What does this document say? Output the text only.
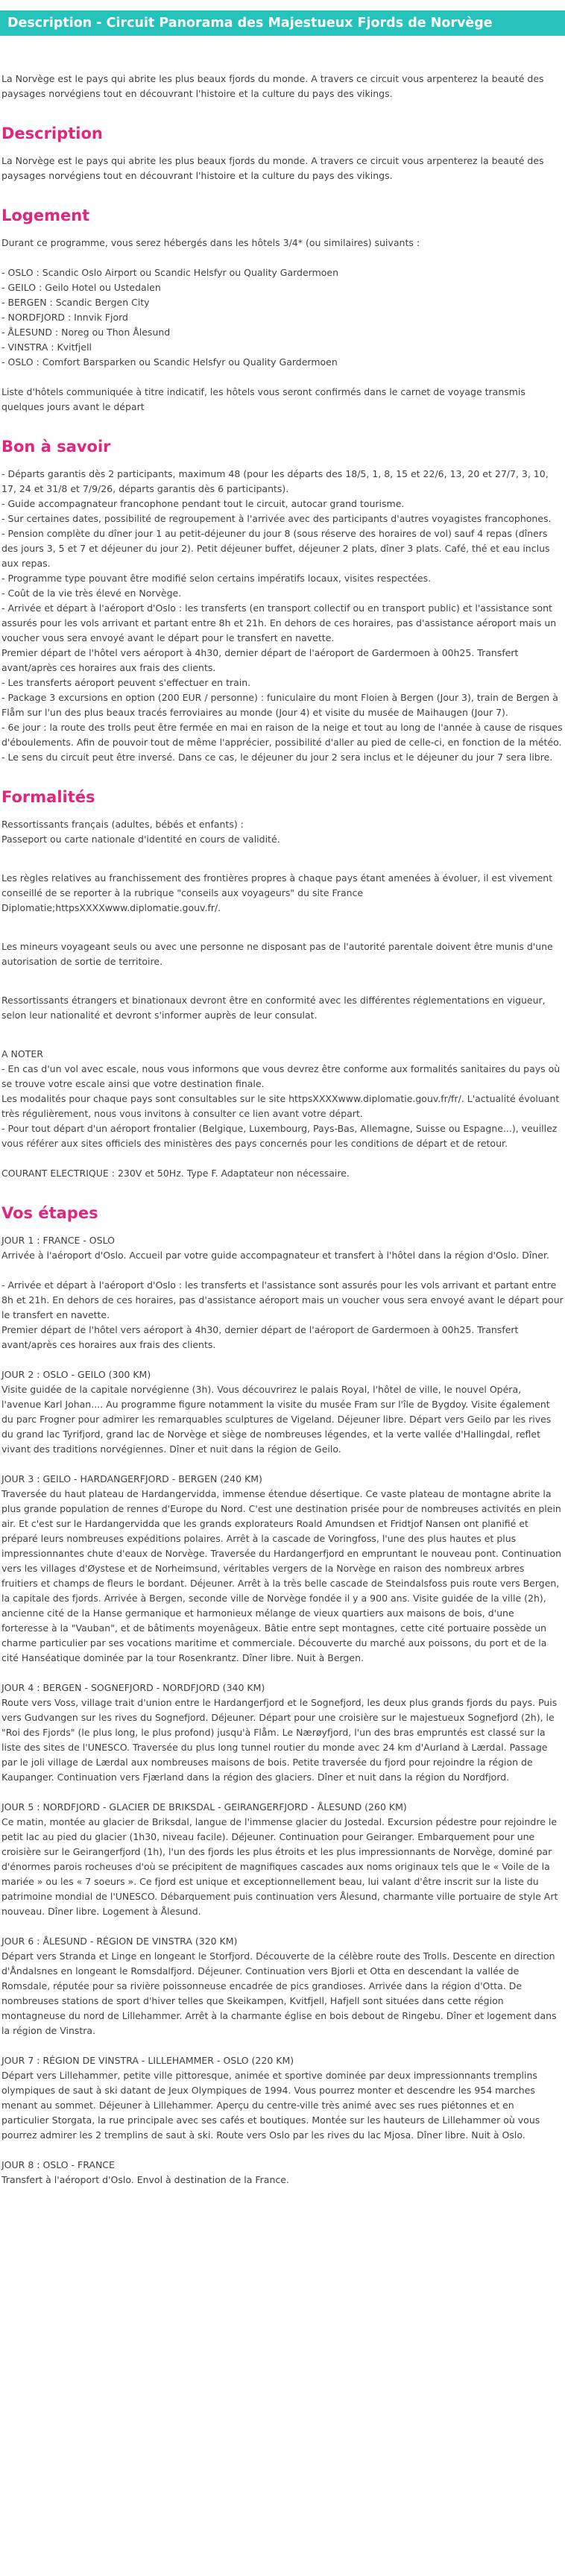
Description - Circuit Panorama des Majestueux Fjords de Norvège

La Norvège est le pays qui abrite les plus beaux fjords du monde. A travers ce circuit vous arpenterez la beauté des paysages norvégiens tout en découvrant l'histoire et la culture du pays des vikings.

Description

La Norvège est le pays qui abrite les plus beaux fjords du monde. A travers ce circuit vous arpenterez la beauté des paysages norvégiens tout en découvrant l'histoire et la culture du pays des vikings.

Logement

Durant ce programme, vous serez hébergés dans les hôtels 3/4* (ou similaires) suivants :

- OSLO : Scandic Oslo Airport ou Scandic Helsfyr ou Quality Gardermoen
- GEILO : Geilo Hotel ou Ustedalen
- BERGEN : Scandic Bergen City
- NORDFJORD : Innvik Fjord
- ÅLESUND : Noreg ou Thon Ålesund
- VINSTRA : Kvitfjell
- OSLO : Comfort Barsparken ou Scandic Helsfyr ou Quality Gardermoen

Liste d'hôtels communiquée à titre indicatif, les hôtels vous seront confirmés dans le carnet de voyage transmis quelques jours avant le départ

Bon à savoir

- Départs garantis dès 2 participants, maximum 48 (pour les départs des 18/5, 1, 8, 15 et 22/6, 13, 20 et 27/7, 3, 10, 17, 24 et 31/8 et 7/9/26, départs garantis dès 6 participants).
- Guide accompagnateur francophone pendant tout le circuit, autocar grand tourisme.
- Sur certaines dates, possibilité de regroupement à l'arrivée avec des participants d'autres voyagistes francophones.
- Pension complète du dîner jour 1 au petit-déjeuner du jour 8 (sous réserve des horaires de vol) sauf 4 repas (dîners des jours 3, 5 et 7 et déjeuner du jour 2). Petit déjeuner buffet, déjeuner 2 plats, dîner 3 plats. Café, thé et eau inclus aux repas.
- Programme type pouvant être modifié selon certains impératifs locaux, visites respectées.
- Coût de la vie très élevé en Norvège.
- Arrivée et départ à l'aéroport d'Oslo : les transferts (en transport collectif ou en transport public) et l'assistance sont assurés pour les vols arrivant et partant entre 8h et 21h. En dehors de ces horaires, pas d'assistance aéroport mais un voucher vous sera envoyé avant le départ pour le transfert en navette.
Premier départ de l'hôtel vers aéroport à 4h30, dernier départ de l'aéroport de Gardermoen à 00h25. Transfert avant/après ces horaires aux frais des clients.
- Les transferts aéroport peuvent s'effectuer en train.
- Package 3 excursions en option (200 EUR / personne) : funiculaire du mont Floien à Bergen (Jour 3), train de Bergen à Flåm sur l'un des plus beaux tracés ferroviaires au monde (Jour 4) et visite du musée de Maihaugen (Jour 7).
- 6e jour : la route des trolls peut être fermée en mai en raison de la neige et tout au long de l'année à cause de risques d'éboulements. Afin de pouvoir tout de même l'apprécier, possibilité d'aller au pied de celle-ci, en fonction de la météo.
- Le sens du circuit peut être inversé. Dans ce cas, le déjeuner du jour 2 sera inclus et le déjeuner du jour 7 sera libre.

Formalités

Ressortissants français (adultes, bébés et enfants) :
Passeport ou carte nationale d'identité en cours de validité.

Les règles relatives au franchissement des frontières propres à chaque pays étant amenées à évoluer, il est vivement conseillé de se reporter à la rubrique "conseils aux voyageurs" du site France Diplomatie;httpsXXXXwww.diplomatie.gouv.fr/.

Les mineurs voyageant seuls ou avec une personne ne disposant pas de l'autorité parentale doivent être munis d'une autorisation de sortie de territoire.

Ressortissants étrangers et binationaux devront être en conformité avec les différentes réglementations en vigueur, selon leur nationalité et devront s'informer auprès de leur consulat.

A NOTER
- En cas d'un vol avec escale, nous vous informons que vous devrez être conforme aux formalités sanitaires du pays où se trouve votre escale ainsi que votre destination finale.
Les modalités pour chaque pays sont consultables sur le site httpsXXXXwww.diplomatie.gouv.fr/fr/. L'actualité évoluant très régulièrement, nous vous invitons à consulter ce lien avant votre départ.
- Pour tout départ d'un aéroport frontalier (Belgique, Luxembourg, Pays-Bas, Allemagne, Suisse ou Espagne...), veuillez vous référer aux sites officiels des ministères des pays concernés pour les conditions de départ et de retour.

COURANT ELECTRIQUE : 230V et 50Hz. Type F. Adaptateur non nécessaire.

Vos étapes

JOUR 1 : FRANCE - OSLO
Arrivée à l'aéroport d'Oslo. Accueil par votre guide accompagnateur et transfert à l'hôtel dans la région d'Oslo. Dîner.

- Arrivée et départ à l'aéroport d'Oslo : les transferts et l'assistance sont assurés pour les vols arrivant et partant entre 8h et 21h. En dehors de ces horaires, pas d'assistance aéroport mais un voucher vous sera envoyé avant le départ pour le transfert en navette.

Premier départ de l'hôtel vers aéroport à 4h30, dernier départ de l'aéroport de Gardermoen à 00h25. Transfert avant/après ces horaires aux frais des clients.

JOUR 2 : OSLO - GEILO (300 KM)
Visite guidée de la capitale norvégienne (3h). Vous découvrirez le palais Royal, l'hôtel de ville, le nouvel Opéra, l'avenue Karl Johan.... Au programme figure notamment la visite du musée Fram sur l'île de Bygdoy. Visite également du parc Frogner pour admirer les remarquables sculptures de Vigeland. Déjeuner libre. Départ vers Geilo par les rives du grand lac Tyrifjord, grand lac de Norvège et siège de nombreuses légendes, et la verte vallée d'Hallingdal, reflet vivant des traditions norvégiennes. Dîner et nuit dans la région de Geilo.

JOUR 3 : GEILO - HARDANGERFJORD - BERGEN (240 KM)
Traversée du haut plateau de Hardangervidda, immense étendue désertique. Ce vaste plateau de montagne abrite la plus grande population de rennes d'Europe du Nord. C'est une destination prisée pour de nombreuses activités en plein air. Et c'est sur le Hardangervidda que les grands explorateurs Roald Amundsen et Fridtjof Nansen ont planifié et préparé leurs nombreuses expéditions polaires. Arrêt à la cascade de Voringfoss, l'une des plus hautes et plus impressionnantes chute d'eaux de Norvège. Traversée du Hardangerfjord en empruntant le nouveau pont. Continuation vers les villages d'Øystese et de Norheimsund, véritables vergers de la Norvège en raison des nombreux arbres fruitiers et champs de fleurs le bordant. Déjeuner. Arrêt à la très belle cascade de Steindalsfoss puis route vers Bergen, la capitale des fjords. Arrivée à Bergen, seconde ville de Norvège fondée il y a 900 ans. Visite guidée de la ville (2h), ancienne cité de la Hanse germanique et harmonieux mélange de vieux quartiers aux maisons de bois, d'une forteresse à la "Vauban", et de bâtiments moyenâgeux. Bâtie entre sept montagnes, cette cité portuaire possède un charme particulier par ses vocations maritime et commerciale. Découverte du marché aux poissons, du port et de la cité Hanséatique dominée par la tour Rosenkrantz. Dîner libre. Nuit à Bergen.

JOUR 4 : BERGEN - SOGNEFJORD - NORDFJORD (340 KM)
Route vers Voss, village trait d'union entre le Hardangerfjord et le Sognefjord, les deux plus grands fjords du pays. Puis vers Gudvangen sur les rives du Sognefjord. Déjeuner. Départ pour une croisière sur le majestueux Sognefjord (2h), le "Roi des Fjords" (le plus long, le plus profond) jusqu'à Flåm. Le Nærøyfjord, l'un des bras empruntés est classé sur la liste des sites de l'UNESCO. Traversée du plus long tunnel routier du monde avec 24 km d'Aurland à Lærdal. Passage par le joli village de Lærdal aux nombreuses maisons de bois. Petite traversée du fjord pour rejoindre la région de Kaupanger. Continuation vers Fjærland dans la région des glaciers. Dîner et nuit dans la région du Nordfjord.

JOUR 5 : NORDFJORD - GLACIER DE BRIKSDAL - GEIRANGERFJORD - ÅLESUND (260 KM)
Ce matin, montée au glacier de Briksdal, langue de l'immense glacier du Jostedal. Excursion pédestre pour rejoindre le petit lac au pied du glacier (1h30, niveau facile). Déjeuner. Continuation pour Geiranger. Embarquement pour une croisière sur le Geirangerfjord (1h), l'un des fjords les plus étroits et les plus impressionnants de Norvège, dominé par d'énormes parois rocheuses d'où se précipitent de magnifiques cascades aux noms originaux tels que le « Voile de la mariée » ou les « 7 soeurs ». Ce fjord est unique et exceptionnellement beau, lui valant d'être inscrit sur la liste du patrimoine mondial de l'UNESCO. Débarquement puis continuation vers Ålesund, charmante ville portuaire de style Art nouveau. Dîner libre. Logement à Ålesund.

JOUR 6 : ÅLESUND - RÉGION DE VINSTRA (320 KM)
Départ vers Stranda et Linge en longeant le Storfjord. Découverte de la célèbre route des Trolls. Descente en direction d'Åndalsnes en longeant le Romsdalfjord. Déjeuner. Continuation vers Bjorli et Otta en descendant la vallée de Romsdale, réputée pour sa rivière poissonneuse encadrée de pics grandioses. Arrivée dans la région d'Otta. De nombreuses stations de sport d'hiver telles que Skeikampen, Kvitfjell, Hafjell sont situées dans cette région montagneuse du nord de Lillehammer. Arrêt à la charmante église en bois debout de Ringebu. Dîner et logement dans la région de Vinstra.

JOUR 7 : RÉGION DE VINSTRA - LILLEHAMMER - OSLO (220 KM)
Départ vers Lillehammer, petite ville pittoresque, animée et sportive dominée par deux impressionnants tremplins olympiques de saut à ski datant de Jeux Olympiques de 1994. Vous pourrez monter et descendre les 954 marches menant au sommet. Déjeuner à Lillehammer. Aperçu du centre-ville très animé avec ses rues piétonnes et en particulier Storgata, la rue principale avec ses cafés et boutiques. Montée sur les hauteurs de Lillehammer où vous pourrez admirer les 2 tremplins de saut à ski. Route vers Oslo par les rives du lac Mjosa. Dîner libre. Nuit à Oslo.

JOUR 8 : OSLO - FRANCE
Transfert à l'aéroport d'Oslo. Envol à destination de la France.
